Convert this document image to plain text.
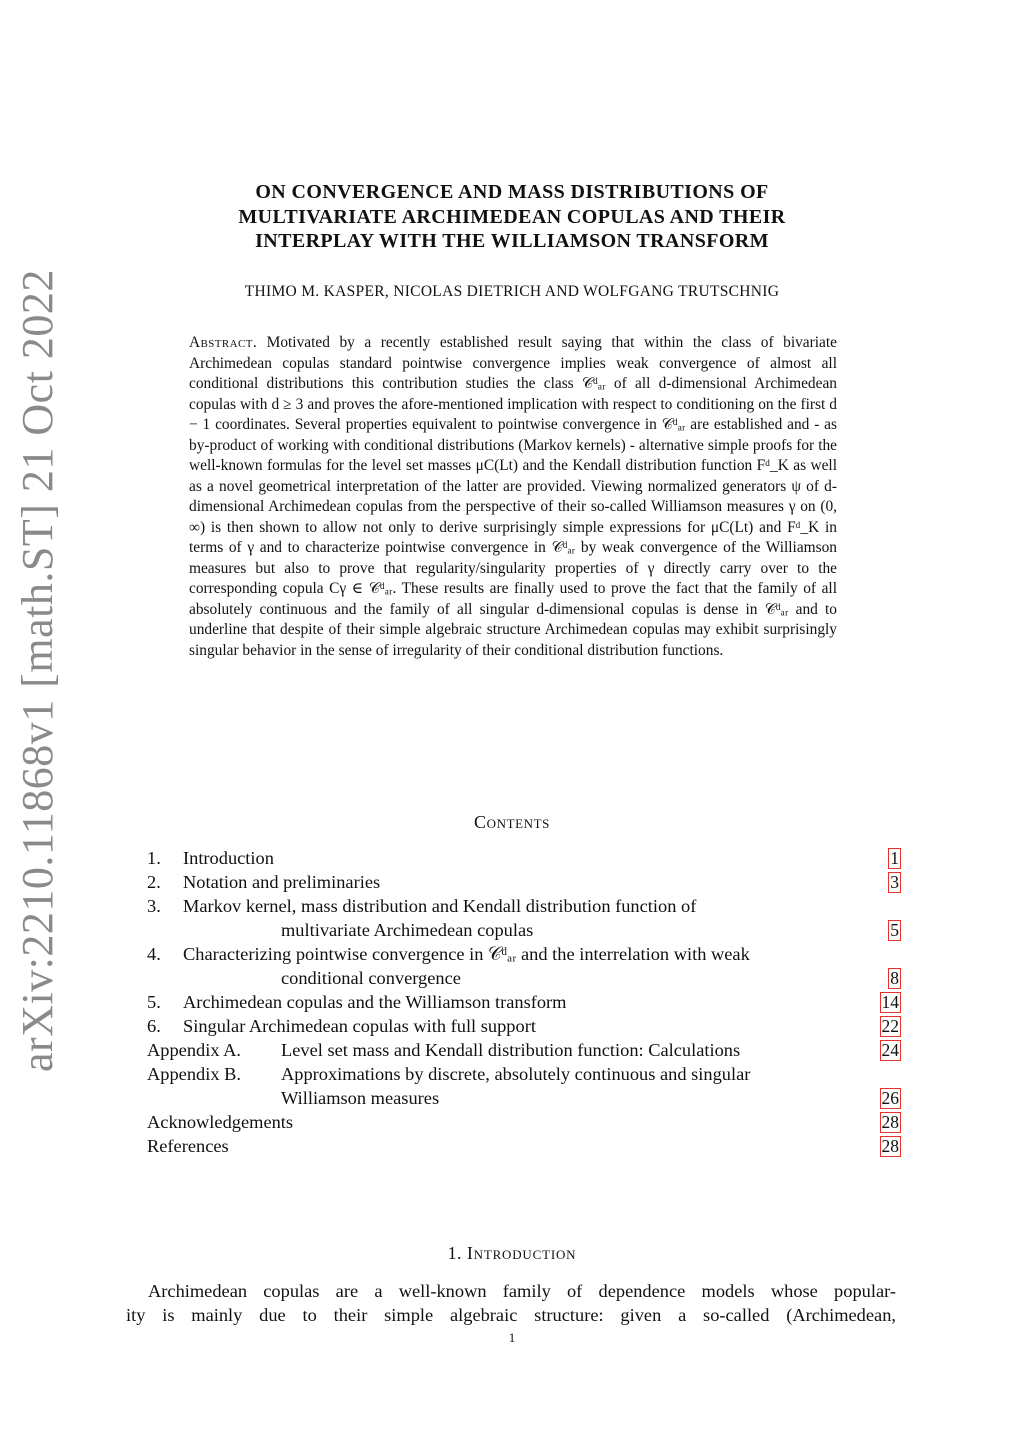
arXiv:2210.11868v1 [math.ST] 21 Oct 2022
ON CONVERGENCE AND MASS DISTRIBUTIONS OF
MULTIVARIATE ARCHIMEDEAN COPULAS AND THEIR
INTERPLAY WITH THE WILLIAMSON TRANSFORM
THIMO M. KASPER, NICOLAS DIETRICH AND WOLFGANG TRUTSCHNIG

Abstract. Motivated by a recently established result saying that within the class of bivariate Archimedean copulas standard pointwise convergence implies weak convergence of almost all conditional distributions this contribution studies the class 𝒞ᵈₐᵣ of all d-dimensional Archimedean copulas with d ≥ 3 and proves the afore-mentioned implication with respect to conditioning on the first d − 1 coordinates. Several properties equivalent to pointwise convergence in 𝒞ᵈₐᵣ are established and - as by-product of working with conditional distributions (Markov kernels) - alternative simple proofs for the well-known formulas for the level set masses μC(Lt) and the Kendall distribution function Fᵈ_K as well as a novel geometrical interpretation of the latter are provided. Viewing normalized generators ψ of d-dimensional Archimedean copulas from the perspective of their so-called Williamson measures γ on (0, ∞) is then shown to allow not only to derive surprisingly simple expressions for μC(Lt) and Fᵈ_K in terms of γ and to characterize pointwise convergence in 𝒞ᵈₐᵣ by weak convergence of the Williamson measures but also to prove that regularity/singularity properties of γ directly carry over to the corresponding copula Cγ ∈ 𝒞ᵈₐᵣ. These results are finally used to prove the fact that the family of all absolutely continuous and the family of all singular d-dimensional copulas is dense in 𝒞ᵈₐᵣ and to underline that despite of their simple algebraic structure Archimedean copulas may exhibit surprisingly singular behavior in the sense of irregularity of their conditional distribution functions.

Contents
1. Introduction	1
2. Notation and preliminaries	3
3. Markov kernel, mass distribution and Kendall distribution function of
multivariate Archimedean copulas	5
4. Characterizing pointwise convergence in 𝒞ᵈₐᵣ and the interrelation with weak
conditional convergence	8
5. Archimedean copulas and the Williamson transform	14
6. Singular Archimedean copulas with full support	22
Appendix A. Level set mass and Kendall distribution function: Calculations	24
Appendix B. Approximations by discrete, absolutely continuous and singular
Williamson measures	26
Acknowledgements	28
References	28
1. Introduction

Archimedean copulas are a well-known family of dependence models whose popular-
ity is mainly due to their simple algebraic structure: given a so-called (Archimedean,

1
